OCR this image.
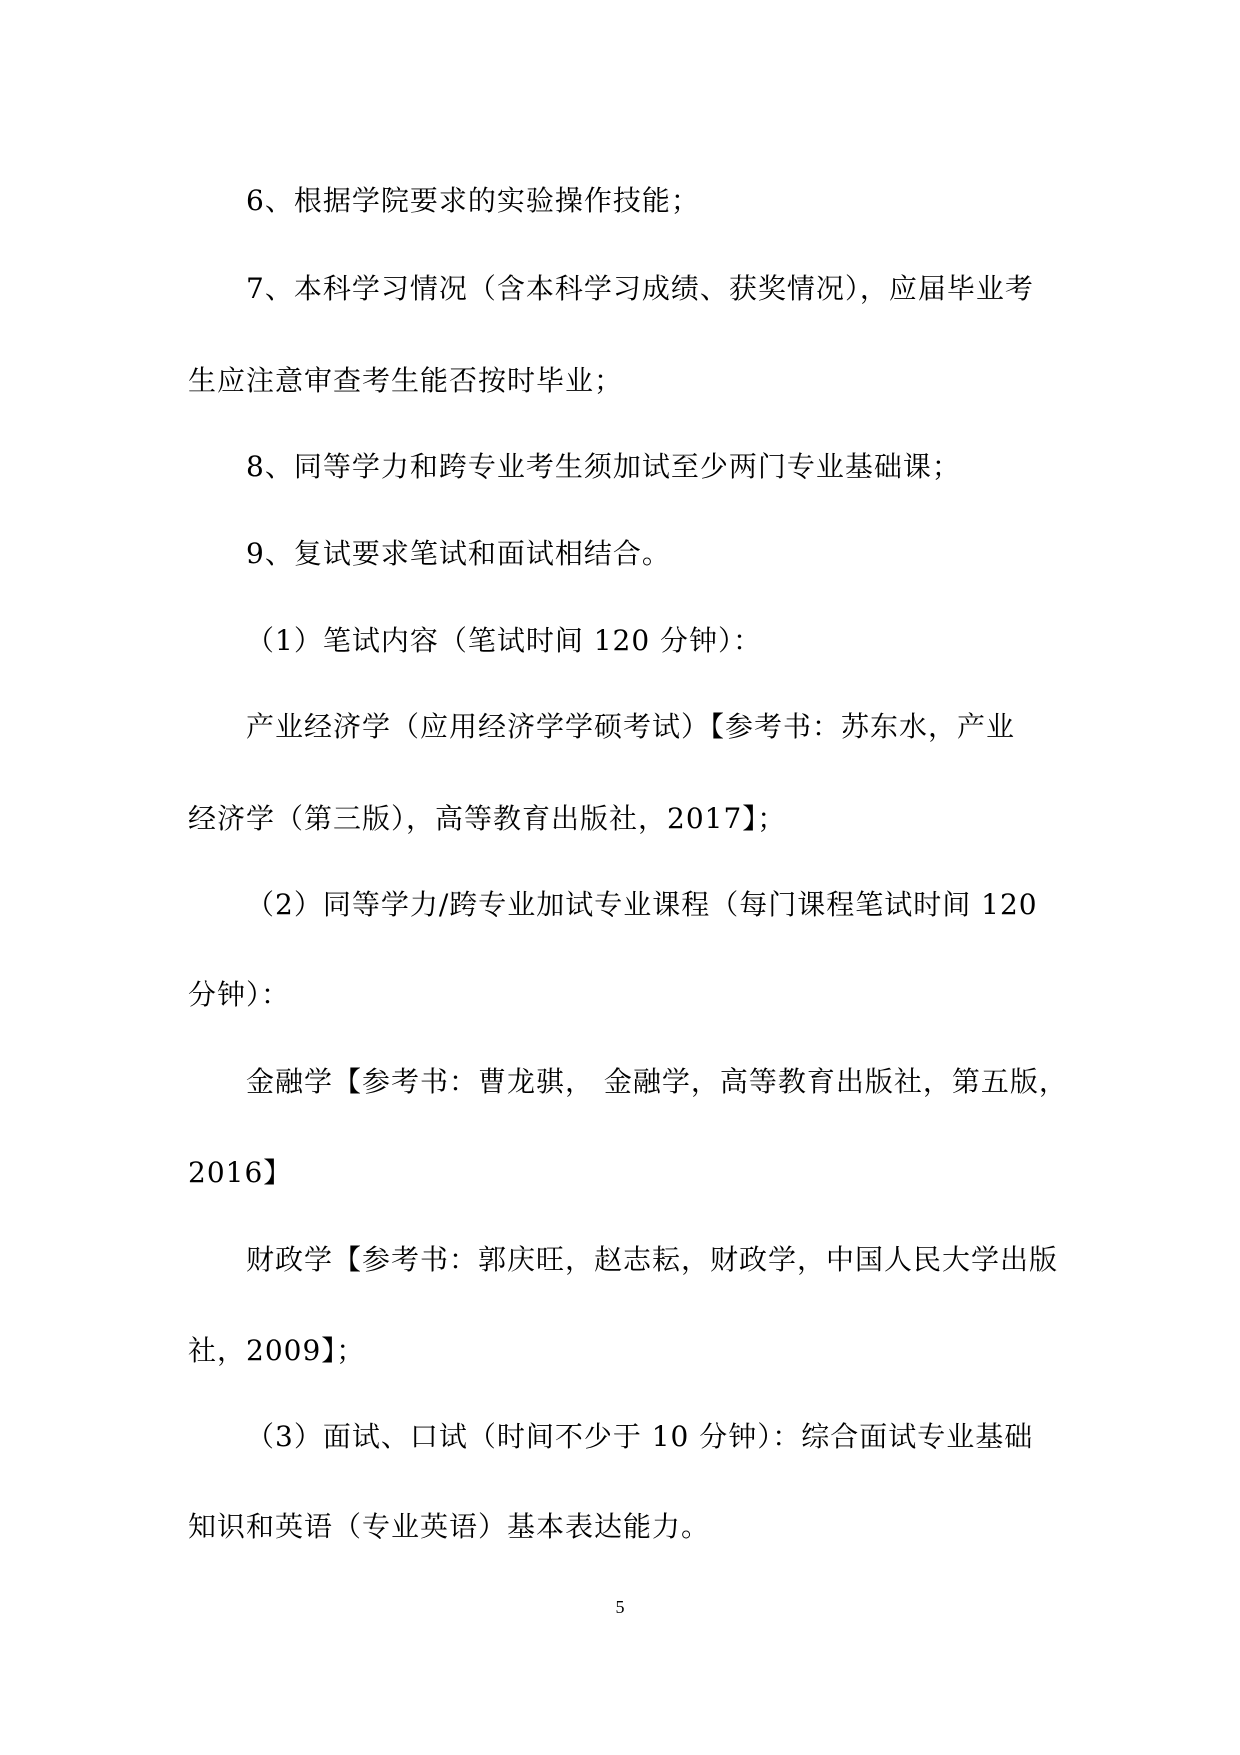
6、根据学院要求的实验操作技能；
7、本科学习情况（含本科学习成绩、获奖情况），应届毕业考
生应注意审查考生能否按时毕业；
8、同等学力和跨专业考生须加试至少两门专业基础课；
9、复试要求笔试和面试相结合。
（1）笔试内容（笔试时间 120 分钟）：
产业经济学（应用经济学学硕考试）【参考书：苏东水，产业
经济学（第三版），高等教育出版社，2017】；
（2）同等学力/跨专业加试专业课程（每门课程笔试时间 120
分钟）：
金融学【参考书：曹龙骐， 金融学，高等教育出版社，第五版，
2016】
财政学【参考书：郭庆旺，赵志耘，财政学，中国人民大学出版
社，2009】；
（3）面试、口试（时间不少于 10 分钟）：综合面试专业基础
知识和英语（专业英语）基本表达能力。
5
